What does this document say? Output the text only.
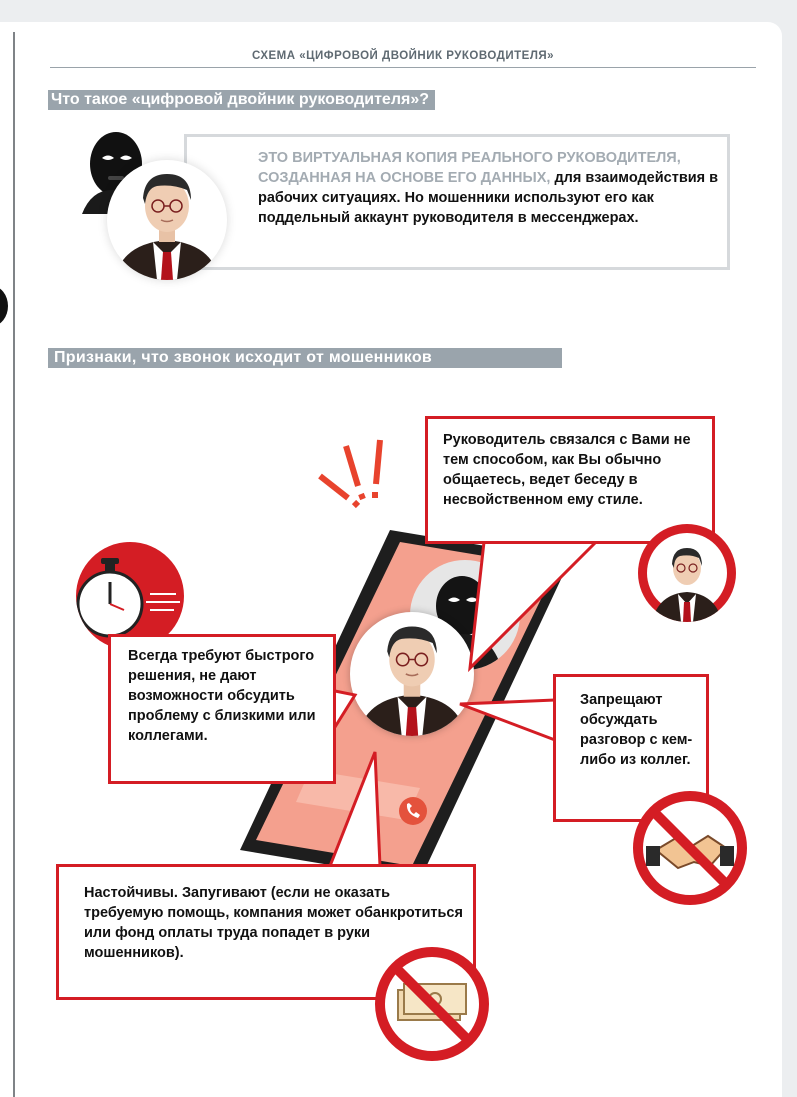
СХЕМА «ЦИФРОВОЙ ДВОЙНИК РУКОВОДИТЕЛЯ»
Что такое «цифровой двойник руководителя»?
ЭТО ВИРТУАЛЬНАЯ КОПИЯ РЕАЛЬНОГО РУКОВОДИТЕЛЯ, СОЗДАННАЯ НА ОСНОВЕ ЕГО ДАННЫХ, для взаимодействия в рабочих ситуациях. Но мошенники используют его как поддельный аккаунт руководителя в мессенджерах.
Признаки, что звонок исходит от мошенников
Руководитель связался с Вами не тем способом, как Вы обычно общаетесь, ведет беседу в несвойственном ему стиле.
Всегда требуют быстрого решения, не дают возможности обсудить проблему с близкими или коллегами.
Запрещают обсуждать разговор с кем-либо из коллег.
Настойчивы. Запугивают (если не оказать требуемую помощь, компания может обанкротиться или фонд оплаты труда попадет в руки мошенников).
